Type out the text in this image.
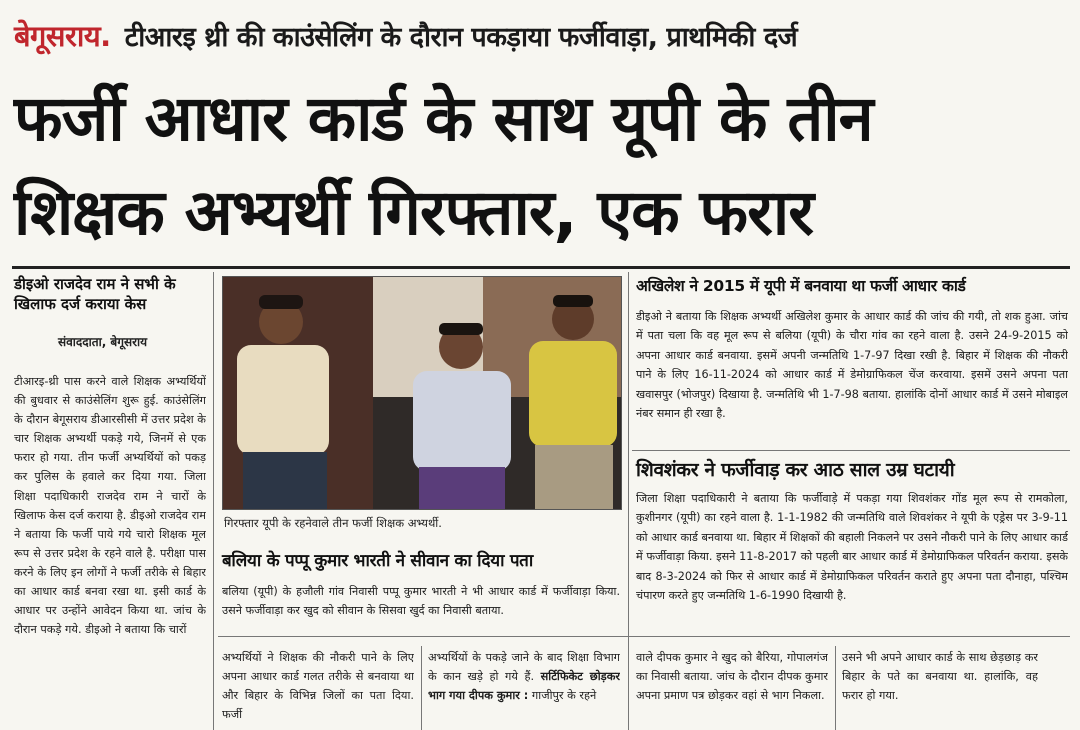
बेगूसराय. टीआरइ थ्री की काउंसेलिंग के दौरान पकड़ाया फर्जीवाड़ा, प्राथमिकी दर्ज
फर्जी आधार कार्ड के साथ यूपी के तीन
शिक्षक अभ्यर्थी गिरफ्तार, एक फरार
डीइओ राजदेव राम ने सभी के खिलाफ दर्ज कराया केस
संवाददाता, बेगूसराय
टीआरइ-थ्री पास करने वाले शिक्षक अभ्यर्थियों की बुधवार से काउंसेलिंग शुरू हुई. काउंसेलिंग के दौरान बेगूसराय डीआरसीसी में उत्तर प्रदेश के चार शिक्षक अभ्यर्थी पकड़े गये, जिनमें से एक फरार हो गया. तीन फर्जी अभ्यर्थियों को पकड़ कर पुलिस के हवाले कर दिया गया. जिला शिक्षा पदाधिकारी राजदेव राम ने चारों के खिलाफ केस दर्ज कराया है. डीइओ राजदेव राम ने बताया कि फर्जी पाये गये चारो शिक्षक मूल रूप से उत्तर प्रदेश के रहने वाले है. परीक्षा पास करने के लिए इन लोगों ने फर्जी तरीके से बिहार का आधार कार्ड बनवा रखा था. इसी कार्ड के आधार पर उन्होंने आवेदन किया था. जांच के दौरान पकड़े गये. डीइओ ने बताया कि चारों
गिरफ्तार यूपी के रहनेवाले तीन फर्जी शिक्षक अभ्यर्थी.
बलिया के पप्पू कुमार भारती ने सीवान का दिया पता
बलिया (यूपी) के हजौली गांव निवासी पप्पू कुमार भारती ने भी आधार कार्ड में फर्जीवाड़ा किया. उसने फर्जीवाड़ा कर खुद को सीवान के सिसवा खुर्द का निवासी बताया.
अखिलेश ने 2015 में यूपी में बनवाया था फर्जी आधार कार्ड
डीइओ ने बताया कि शिक्षक अभ्यर्थी अखिलेश कुमार के आधार कार्ड की जांच की गयी, तो शक हुआ. जांच में पता चला कि वह मूल रूप से बलिया (यूपी) के चौरा गांव का रहने वाला है. उसने 24-9-2015 को अपना आधार कार्ड बनवाया. इसमें अपनी जन्मतिथि 1-7-97 दिखा रखी है. बिहार में शिक्षक की नौकरी पाने के लिए 16-11-2024 को आधार कार्ड में डेमोग्राफिकल चेंज करवाया. इसमें उसने अपना पता खवासपुर (भोजपुर) दिखाया है. जन्मतिथि भी 1-7-98 बताया. हालांकि दोनों आधार कार्ड में उसने मोबाइल नंबर समान ही रखा है.
शिवशंकर ने फर्जीवाड़ कर आठ साल उम्र घटायी
जिला शिक्षा पदाधिकारी ने बताया कि फर्जीवाड़े में पकड़ा गया शिवशंकर गोंड मूल रूप से रामकोला, कुशीनगर (यूपी) का रहने वाला है. 1-1-1982 की जन्मतिथि वाले शिवशंकर ने यूपी के एड्रेस पर 3-9-11 को आधार कार्ड बनवाया था. बिहार में शिक्षकों की बहाली निकलने पर उसने नौकरी पाने के लिए आधार कार्ड में फर्जीवाड़ा किया. इसने 11-8-2017 को पहली बार आधार कार्ड में डेमोग्राफिकल परिवर्तन कराया. इसके बाद 8-3-2024 को फिर से आधार कार्ड में डेमोग्राफिकल परिवर्तन कराते हुए अपना पता दौनाहा, पश्चिम चंपारण करते हुए जन्मतिथि 1-6-1990 दिखायी है.
अभ्यर्थियों ने शिक्षक की नौकरी पाने के लिए अपना आधार कार्ड गलत तरीके से बनवाया था और बिहार के विभिन्न जिलों का पता दिया. फर्जी
अभ्यर्थियों के पकड़े जाने के बाद शिक्षा विभाग के कान खड़े हो गये हैं. सर्टिफिकेट छोड़कर भाग गया दीपक कुमार : गाजीपुर के रहने
वाले दीपक कुमार ने खुद को बैरिया, गोपालगंज का निवासी बताया. जांच के दौरान दीपक कुमार अपना प्रमाण पत्र छोड़कर वहां से भाग निकला.
उसने भी अपने आधार कार्ड के साथ छेड़छाड़ कर बिहार के पते का बनवाया था. हालांकि, वह फरार हो गया.
